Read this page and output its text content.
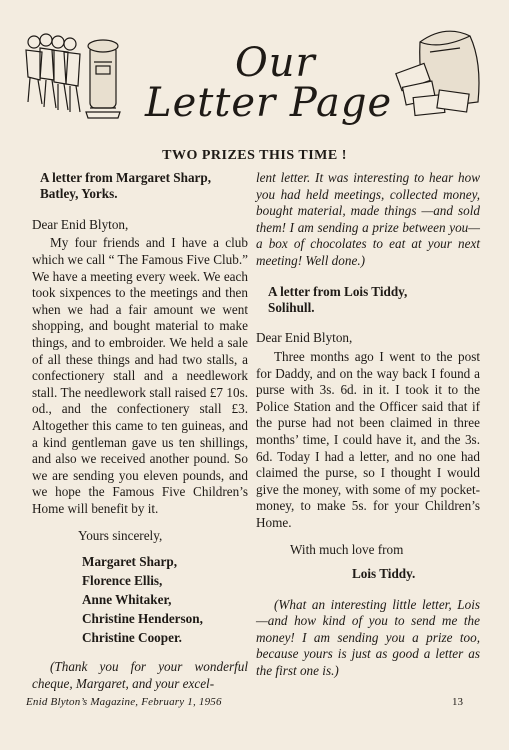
Our
Letter Page
TWO PRIZES THIS TIME !

A letter from Margaret Sharp,
Batley, Yorks.

Dear Enid Blyton,

My four friends and I have a club which we call “ The Famous Five Club.” We have a meeting every week. We each took sixpences to the meetings and then when we had a fair amount we went shopping, and bought material to make things, and to embroider. We held a sale of all these things and had two stalls, a confectionery stall and a needlework stall. The needlework stall raised £7 10s. od., and the confectionery stall £3. Altogether this came to ten guineas, and a kind gentleman gave us ten shillings, and also we received another pound. So we are sending you eleven pounds, and we hope the Famous Five Children’s Home will benefit by it.

Yours sincerely,

Margaret Sharp,
Florence Ellis,
Anne Whitaker,
Christine Henderson,
Christine Cooper.

(Thank you for your wonderful cheque, Margaret, and your excel-

lent letter. It was interesting to hear how you had held meetings, collected money, bought material, made things —and sold them! I am sending a prize between you—a box of chocolates to eat at your next meeting! Well done.)

A letter from Lois Tiddy,
Solihull.

Dear Enid Blyton,

Three months ago I went to the post for Daddy, and on the way back I found a purse with 3s. 6d. in it. I took it to the Police Station and the Officer said that if the purse had not been claimed in three months’ time, I could have it, and the 3s. 6d. Today I had a letter, and no one had claimed the purse, so I thought I would give the money, with some of my pocket-money, to make 5s. for your Children’s Home.

With much love from

Lois Tiddy.

(What an interesting little letter, Lois—and how kind of you to send me the money! I am sending you a prize too, because yours is just as good a letter as the first one is.)

Enid Blyton’s Magazine, February 1, 1956	13
